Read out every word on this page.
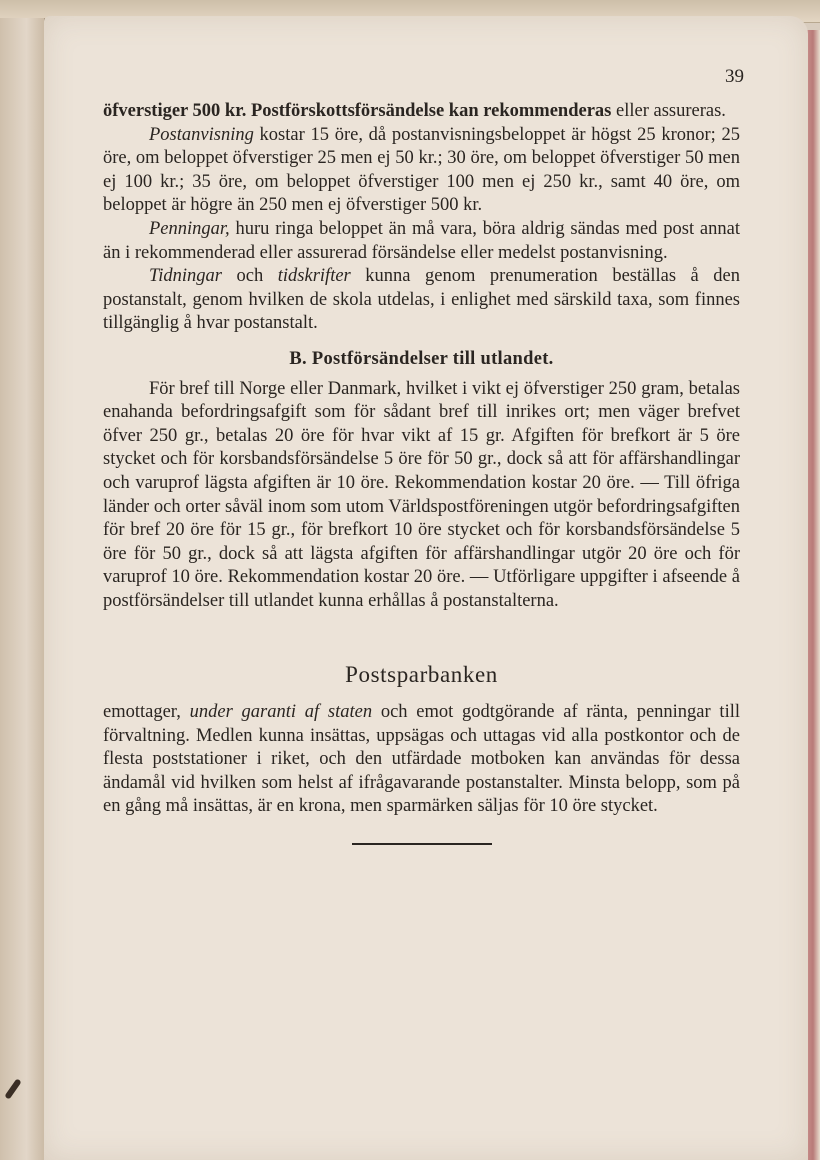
39

öfverstiger 500 kr. Postförskottsförsändelse kan rekommenderas eller assureras.

Postanvisning kostar 15 öre, då postanvisningsbeloppet är högst 25 kronor; 25 öre, om beloppet öfverstiger 25 men ej 50 kr.; 30 öre, om beloppet öfverstiger 50 men ej 100 kr.; 35 öre, om beloppet öfverstiger 100 men ej 250 kr., samt 40 öre, om beloppet är högre än 250 men ej öfverstiger 500 kr.

Penningar, huru ringa beloppet än må vara, böra aldrig sändas med post annat än i rekommenderad eller assurerad försändelse eller medelst postanvisning.

Tidningar och tidskrifter kunna genom prenumeration beställas å den postanstalt, genom hvilken de skola utdelas, i enlighet med särskild taxa, som finnes tillgänglig å hvar postanstalt.

B. Postförsändelser till utlandet.

För bref till Norge eller Danmark, hvilket i vikt ej öfverstiger 250 gram, betalas enahanda befordringsafgift som för sådant bref till inrikes ort; men väger brefvet öfver 250 gr., betalas 20 öre för hvar vikt af 15 gr. Afgiften för brefkort är 5 öre stycket och för korsbandsförsändelse 5 öre för 50 gr., dock så att för affärshandlingar och varuprof lägsta afgiften är 10 öre. Rekommendation kostar 20 öre. — Till öfriga länder och orter såväl inom som utom Världspostföreningen utgör befordringsafgiften för bref 20 öre för 15 gr., för brefkort 10 öre stycket och för korsbandsförsändelse 5 öre för 50 gr., dock så att lägsta afgiften för affärshandlingar utgör 20 öre och för varuprof 10 öre. Rekommendation kostar 20 öre. — Utförligare uppgifter i afseende å postförsändelser till utlandet kunna erhållas å postanstalterna.

Postsparbanken

emottager, under garanti af staten och emot godtgörande af ränta, penningar till förvaltning. Medlen kunna insättas, uppsägas och uttagas vid alla postkontor och de flesta poststationer i riket, och den utfärdade motboken kan användas för dessa ändamål vid hvilken som helst af ifrågavarande postanstalter. Minsta belopp, som på en gång må insättas, är en krona, men sparmärken säljas för 10 öre stycket.
